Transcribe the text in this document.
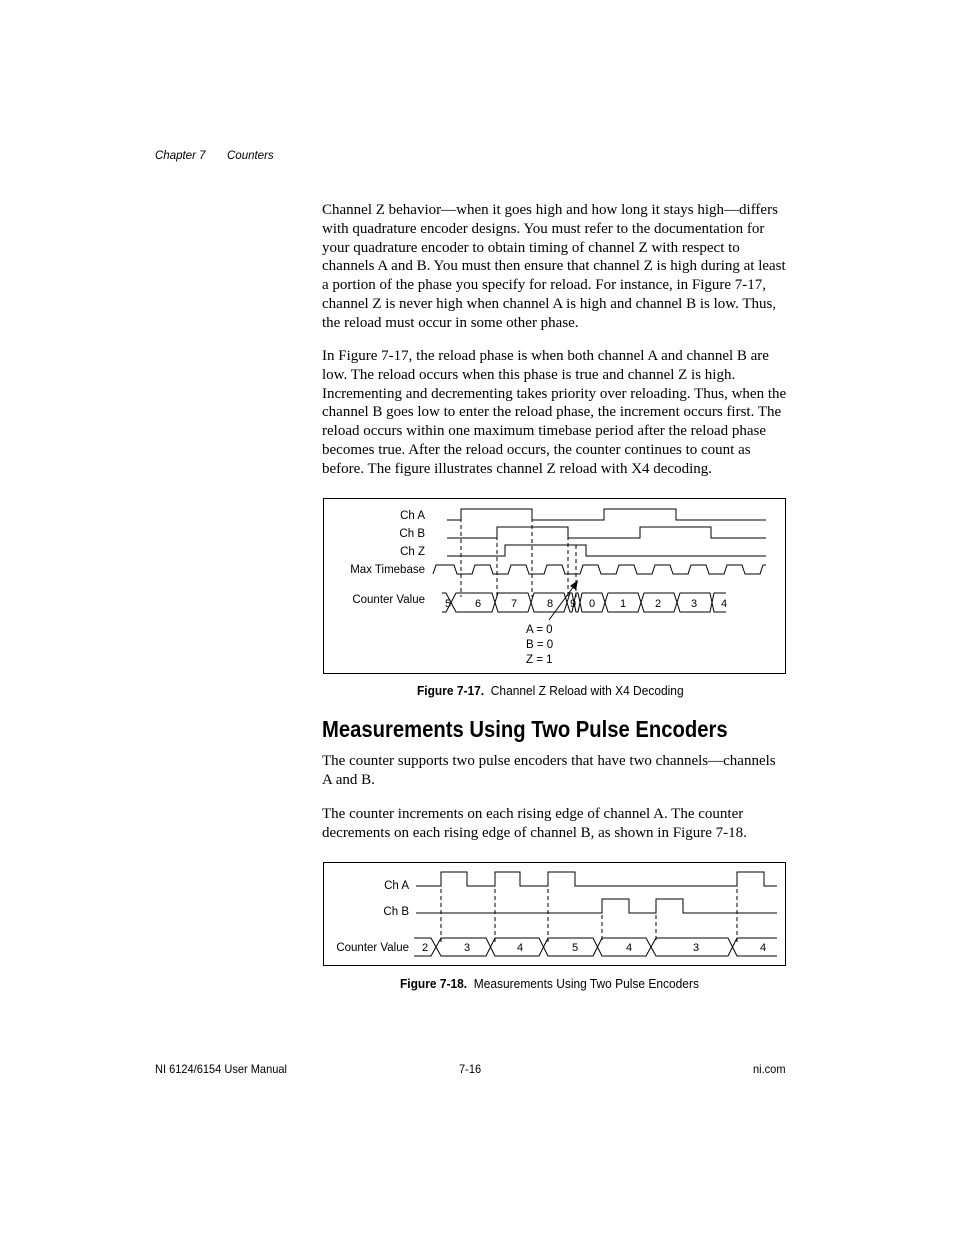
Chapter 7 Counters

Channel Z behavior—when it goes high and how long it stays high—differs with quadrature encoder designs. You must refer to the documentation for your quadrature encoder to obtain timing of channel Z with respect to channels A and B. You must then ensure that channel Z is high during at least a portion of the phase you specify for reload. For instance, in Figure 7-17, channel Z is never high when channel A is high and channel B is low. Thus, the reload must occur in some other phase.

In Figure 7-17, the reload phase is when both channel A and channel B are low. The reload occurs when this phase is true and channel Z is high. Incrementing and decrementing takes priority over reloading. Thus, when the channel B goes low to enter the reload phase, the increment occurs first. The reload occurs within one maximum timebase period after the reload phase becomes true. After the reload occurs, the counter continues to count as before. The figure illustrates channel Z reload with X4 decoding.

Ch A
Ch B
Ch Z
Max Timebase
Counter Value 5 6	7	8 9 0 1	2	3 4
A = 0
B = 0
Z = 1
Figure 7-17. Channel Z Reload with X4 Decoding
Measurements Using Two Pulse Encoders

The counter supports two pulse encoders that have two channels—channels A and B.

The counter increments on each rising edge of channel A. The counter decrements on each rising edge of channel B, as shown in Figure 7-18.

Ch A
Ch B
Counter Value 2	3	4	5	4	3	4
Figure 7-18. Measurements Using Two Pulse Encoders
NI 6124/6154 User Manual	7-16	ni.com
